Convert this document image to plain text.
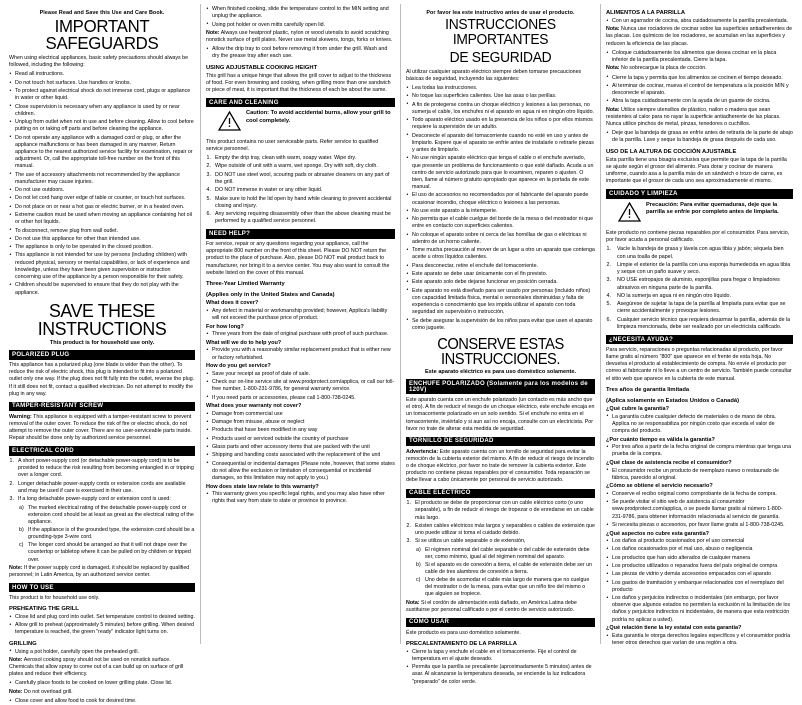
Please Read and Save this Use and Care Book.
IMPORTANT SAFEGUARDS
When using electrical appliances, basic safety precautions should always be followed, including the following:
• Read all instructions.
• Do not touch hot surfaces. Use handles or knobs.
• To protect against electrical shock do not immerse cord, plugs or appliance in water or other liquid.
• Close supervision is necessary when any appliance is used by or near children.
• Unplug from outlet when not in use and before cleaning. Allow to cool before putting on or taking off parts and before cleaning the appliance.
• Do not operate any appliance with a damaged cord or plug, or after the appliance malfunctions or has been damaged in any manner. Return appliance to the nearest authorized service facility for examination, repair or adjustment. Or, call the appropriate toll-free number on the front of this manual.
• The use of accessory attachments not recommended by the appliance manufacturer may cause injuries.
• Do not use outdoors.
• Do not let cord hang over edge of table or counter, or touch hot surfaces.
• Do not place on or near a hot gas or electric burner, or in a heated oven.
• Extreme caution must be used when moving an appliance containing hot oil or other hot liquids.
• To disconnect, remove plug from wall outlet.
• Do not use this appliance for other than intended use.
• The appliance is only to be operated in the closed position.
• This appliance is not intended for use by persons (including children) with reduced physical, sensory or mental capabilities, or lack of experience and knowledge, unless they have been given supervision or instruction concerning use of the appliance by a person responsible for their safety.
• Children should be supervised to ensure that they do not play with the appliance.
SAVE THESE INSTRUCTIONS
This product is for household use only.
POLARIZED PLUG
This appliance has a polarized plug (one blade is wider than the other). To reduce the risk of electric shock, this plug is intended to fit into a polarized outlet only one way. If the plug does not fit fully into the outlet, reverse the plug. If it still does not fit, contact a qualified electrician. Do not attempt to modify the plug in any way.
TAMPER-RESISTANT SCREW
Warning: This appliance is equipped with a tamper-resistant screw to prevent removal of the outer cover. To reduce the risk of fire or electric shock, do not attempt to remove the outer cover. There are no user-serviceable parts inside. Repair should be done only by authorized service personnel.
ELECTRICAL CORD
A short power-supply cord (or detachable power-supply cord) is to be provided to reduce the risk resulting from becoming entangled in or tripping over a longer cord.
Longer detachable power-supply cords or extension cords are available and may be used if care is exercised in their use.
If a long detachable power-supply cord or extension cord is used:
The marked electrical rating of the detachable power-supply cord or extension cord should be at least as great as the electrical rating of the appliance.
If the appliance is of the grounded type, the extension cord should be a grounding-type 3-wire cord.
The longer cord should be arranged so that it will not drape over the countertop or tabletop where it can be pulled on by children or tripped over.
Note: If the power supply cord is damaged, it should be replaced by qualified personnel; in Latin America, by an authorized service center.
HOW TO USE
This product is for household use only.
PREHEATING THE GRILL
• Close lid and plug cord into outlet. Set temperature control to desired setting.
• Allow grill to preheat (approximately 5 minutes) before grilling. When desired temperature is reached, the green "ready" indicator light turns on.
GRILLING
• Using a pot holder, carefully open the preheated grill.
Note: Aerosol cooking spray should not be used on nonstick surface. Chemicals that allow spray to come out of a can build up on surface of grill plates and reduce their efficiency.
• Carefully place foods to be cooked on lower grilling plate. Close lid.
Note: Do not overload grill.
• Close cover and allow food to cook for desired time.
• When finished cooking, slide the temperature control to the MIN setting and unplug the appliance.
• Using pot holder or oven mitts carefully open lid.
Note: Always use heatproof plastic, nylon or wood utensils to avoid scratching nonstick surface of grill plates. Never use metal skewers, tongs, forks or knives.
• Allow the drip tray to cool before removing it from under the grill. Wash and dry the grease tray after each use.
USING ADJUSTABLE COOKING HEIGHT
This grill has a unique hinge that allows the grill cover to adjust to the thickness of food. For even browning and cooking, when grilling more than one sandwich or piece of meat, it is important that the thickness of each be about the same.
CARE AND CLEANING
Caution: To avoid accidental burns, allow your grill to cool completely.
This product contains no user serviceable parts. Refer service to qualified service personnel.
Empty the drip tray, clean with warm, soapy water. Wipe dry.
Wipe outside of unit with a warm, wet sponge. Dry with soft, dry cloth.
DO NOT use steel wool, scouring pads or abrasive cleaners on any part of the grill.
DO NOT immerse in water or any other liquid.
Make sure to hold the lid open by hand while cleaning to prevent accidental closing and injury.
Any servicing requiring disassembly other than the above cleaning must be performed by a qualified service personnel.
NEED HELP?
For service, repair or any questions regarding your appliance, call the appropriate 800 number on the front of this sheet. Please DO NOT return the product to the place of purchase. Also, please DO NOT mail product back to manufacturer, nor bring it to a service center. You may also want to consult the website listed on the cover of this manual.
Three-Year Limited Warranty
(Applies only in the United States and Canada)
What does it cover?
• Any defect in material or workmanship provided; however, Applica's liability will not exceed the purchase price of product.
For how long?
• Three years from the date of original purchase with proof of such purchase.
What will we do to help you?
• Provide you with a reasonably similar replacement product that is either new or factory refurbished.
How do you get service?
• Save your receipt as proof of date of sale.
• Check our on-line service site at www.prodprotect.com/applica, or call our toll-free number, 1-800-231-9786, for general warranty service.
• If you need parts or accessories, please call 1-800-738-0245.
What does your warranty not cover?
• Damage from commercial use
• Damage from misuse, abuse or neglect
• Products that have been modified in any way
• Products used or serviced outside the country of purchase
• Glass parts and other accessory items that are packed with the unit
• Shipping and handling costs associated with the replacement of the unit
• Consequential or incidental damages (Please note, however, that some states do not allow the exclusion or limitation of consequential or incidental damages, so this limitation may not apply to you.)
How does state law relate to this warranty?
• This warranty gives you specific legal rights, and you may also have other rights that vary from state to state or province to province.
Por favor lea este instructivo antes de usar el producto.
INSTRUCCIONES IMPORTANTES
DE SEGURIDAD
Al utilizar cualquier aparato eléctrico siempre deben tomarse precauciones básicas de seguridad, incluyendo las siguientes:
• Lea todas las instrucciones.
• No toque las superficies calientes. Use las asas o las perillas.
• A fin de protegerse contra un choque eléctrico y lesiones a las personas, no sumerja el cable, los enchufes ni el aparato en agua ni en ningún otro líquido.
• Todo aparato eléctrico usado en la presencia de los niños o por ellos mismos requiere la supervisión de un adulto.
• Desconecte el aparato del tomacorriente cuando no esté en uso y antes de limpiarlo. Espere que el aparato se enfríe antes de instalarle o retirarle piezas y antes de limpiarlo.
• No use ningún aparato eléctrico que tenga el cable o el enchufe averiado, que presente un problema de funcionamiento o que esté dañado. Acuda a un centro de servicio autorizado para que lo examinen, reparen o ajusten. O bien, llame al número gratuito apropiado que aparece en la portada de este manual.
• El uso de accesorios no recomendados por el fabricante del aparato puede ocasionar incendio, choque eléctrico o lesiones a las personas.
• No use este aparato a la intemperie.
• No permita que el cable cuelgue del borde de la mesa o del mostrador ni que entre en contacto con superficies calientes.
• No coloque el aparato sobre ni cerca de las hornillas de gas o eléctricas ni adentro de un horno caliente.
• Tome mucha precaución al mover de un lugar a otro un aparato que contenga aceite u otros líquidos calientes.
• Para desconectar, retire el enchufe del tomacorriente.
• Este aparato se debe usar únicamente con el fin previsto.
• Este aparato solo debe dejarse funcionar en posición cerrada.
• Este aparato no está diseñado para ser usado por personas (incluido niños) con capacidad limitada física, mental o sensoriales disminuidas y falta de experiencia o conocimiento que les impida utilizar el aparato con toda seguridad sin supervisión o instrucción.
• Se debe asegurar la supervisión de los niños para evitar que usen el aparato como juguete.
CONSERVE ESTAS INSTRUCCIONES.
Este aparato eléctrico es para uso doméstico solamente.
ENCHUFE POLARIZADO (Solamente para los modelos de 120V)
Este aparato cuenta con un enchufe polarizado (un contacto es más ancho que el otro). A fin de reducir el riesgo de un choque eléctrico, este enchufe encaja en un tomacorriente polarizado en un solo sentido. Si el enchufe no entra en el tomacorriente, inviértalo y si aun así no encaja, consulte con un electricista. Por favor no trate de alterar esta medida de seguridad.
TORNILLO DE SEGURIDAD
Advertencia: Este aparato cuenta con un tornillo de seguridad para evitar la remoción de la cubierta exterior del mismo. A fin de reducir el riesgo de incendio o de choque eléctrico, por favor no trate de remover la cubierta exterior. Este producto no contiene piezas reparables por el consumidor. Toda reparación se debe llevar a cabo únicamente por personal de servicio autorizado.
CABLE ELÉCTRICO
El producto se debe de proporcionar con un cable eléctrico corto (o uno separable), a fin de reducir el riesgo de tropezar o de enredarse en un cable más largo.
Existen cables eléctricos más largos y separables o cables de extensión que uno puede utilizar si toma el cuidado debido.
Si se utiliza un cable separable o de extensión,
El régimen nominal del cable separable o del cable de extensión debe ser, como mínimo, igual al del régimen nominal del aparato.
Si el aparato es de conexión a tierra, el cable de extensión debe ser un cable de tres alambres de conexión a tierra.
Uno debe de acomodar el cable más largo de manera que no cuelgue del mostrador o de la mesa, para evitar que un niño tire del mismo o que alguien se tropiece.
Nota: Si el cordón de alimentación está dañado, en América Latina debe sustituirse por personal calificado o por el centro de servicio autorizado.
COMO USAR
Éste producto es para uso doméstico solamente.
PRECALENTAMIENTO DE LA PARRILLA
• Cierre la tapa y enchufe el cable en el tomacorriente. Fije el control de temperatura en el ajuste deseado.
• Permita que la parrilla se precaliente (aproximadamente 5 minutos) antes de asar. Al alcanzarse la temperatura deseada, se enciende la luz indicadora "preparado" de color verde.
ALIMENTOS A LA PARRILLA
• Con un agarrador de cocina, abra cuidadosamente la parrilla precalentada.
Nota: Nunca use rociadores de cocinar sobre las superficies antiadherentes de las placas. Los químicos de los rociadores, se acumulan en las superficies y reducen la eficiencia de las placas.
• Coloque cuidadosamente los alimentos que desea cocinar en la placa inferior de la parrilla precalentada. Cierre la tapa.
Nota: No sobrecargue la placa de cocción.
• Cierre la tapa y permita que los alimentos se cocinen el tiempo deseado.
• Al terminar de cocinar, mueva el control de temperatura a la posición MIN y desconecte el aparato.
• Abra la tapa cuidadosamente con la ayuda de un guante de cocina.
Nota: Utilice siempre utensilios de plástico, nailon o madera que sean resistentes al calor para no rayar la superficie antiadherente de las placas. Nunca utilice pinchos de metal, pinzas, tenedores o cuchillos.
• Deje que la bandeja de grasa se enfríe antes de retirarla de la parte de abajo de la parrilla. Lave y seque la bandeja de grasa después de cada uso.
USO DE LA ALTURA DE COCCIÓN AJUSTABLE
Esta parrilla tiene una bisagra exclusiva que permite que la tapa de la parrilla se ajuste según el grosor del alimento. Para dorar y cocinar de manera uniforme, cuando asa a la parrilla más de un sándwich o trozo de carne, es importante que el grosor de cada uno sea aproximadamente el mismo.
CUIDADO Y LIMPIEZA
Precaución: Para evitar quemaduras, deje que la parrilla se enfríe por completo antes de limpiarla.
Este producto no contiene piezas reparables por el consumidor. Para servicio, por favor acuda a personal calificado.
Vacíe la bandeja de grasa y lávela con agua tibia y jabón; séquela bien con una toalla de papel.
Limpie el exterior de la parrilla con una esponja humedecida en agua tibia y seque con un paño suave y seco.
NO USE estropajos de aluminio, esponjillas para fregar o limpiadores abrasivos en ninguna parte de la parrilla.
NO la sumerja en agua ni en ningún otro líquido.
Asegúrese de sujetar la tapa de la parrilla al limpiarla para evitar que se cierre accidentalmente y provoque lesiones.
Cualquier servicio técnico que requiera desarmar la parrilla, además de la limpieza mencionada, debe ser realizado por un electricista calificado.
¿NECESITA AYUDA?
Para servicio, reparaciones o preguntas relacionadas al producto, por favor llame gratis al número "800" que aparece en el frente de esta hoja. No devuelva el producto al establecimiento de compra. No envíe el producto por correo al fabricante ni lo lleve a un centro de servicio. También puede consultar el sitio web que aparece en la cubierta de este manual.
Tres años de garantía limitada
(Aplica solamente en Estados Unidos o Canadá)
¿Qué cubre la garantía?
• La garantía cubre cualquier defecto de materiales o de mano de obra. Applica no se responsabiliza por ningún costo que exceda el valor de compra del producto.
¿Por cuánto tiempo es válida la garantía?
• Por tres años a partir de la fecha original de compra mientras que tenga una prueba de la compra.
¿Qué clase de asistencia recibe el consumidor?
• El consumidor recibe un producto de reemplazo nuevo o restaurado de fábrica, parecido al original.
¿Cómo se obtiene el servicio necesario?
• Conserve el recibo original como comprobante de la fecha de compra.
• Se puede visitar el sitio web de asistencia al consumidor www.prodprotect.com/applica, o se puede llamar gratis al número 1-800-231-9786, para obtener información relacionada al servicio de garantía.
• Si necesita piezas o accesorios, por favor llame gratis al 1-800-738-0245.
¿Qué aspectos no cubre esta garantía?
• Los daños al producto ocasionados por el uso comercial
• Los daños ocasionados por el mal uso, abuso o negligencia
• Los productos que han sido alterados de cualquier manera
• Los productos utilizados o reparados fuera del país original de compra
• Las piezas de vidrio y demás accesorios empacados con el aparato
• Los gastos de tramitación y embarque relacionados con el reemplazo del producto
• Los daños y perjuicios indirectos o incidentales (sin embargo, por favor observe que algunos estados no permiten la exclusión ni la limitación de los daños y perjuicios indirectos ni incidentales, de manera que esta restricción podría no aplicar a usted).
¿Qué relación tiene la ley estatal con esta garantía?
• Esta garantía le otorga derechos legales específicos y el consumidor podría tener otros derechos que varían de una región a otra.
